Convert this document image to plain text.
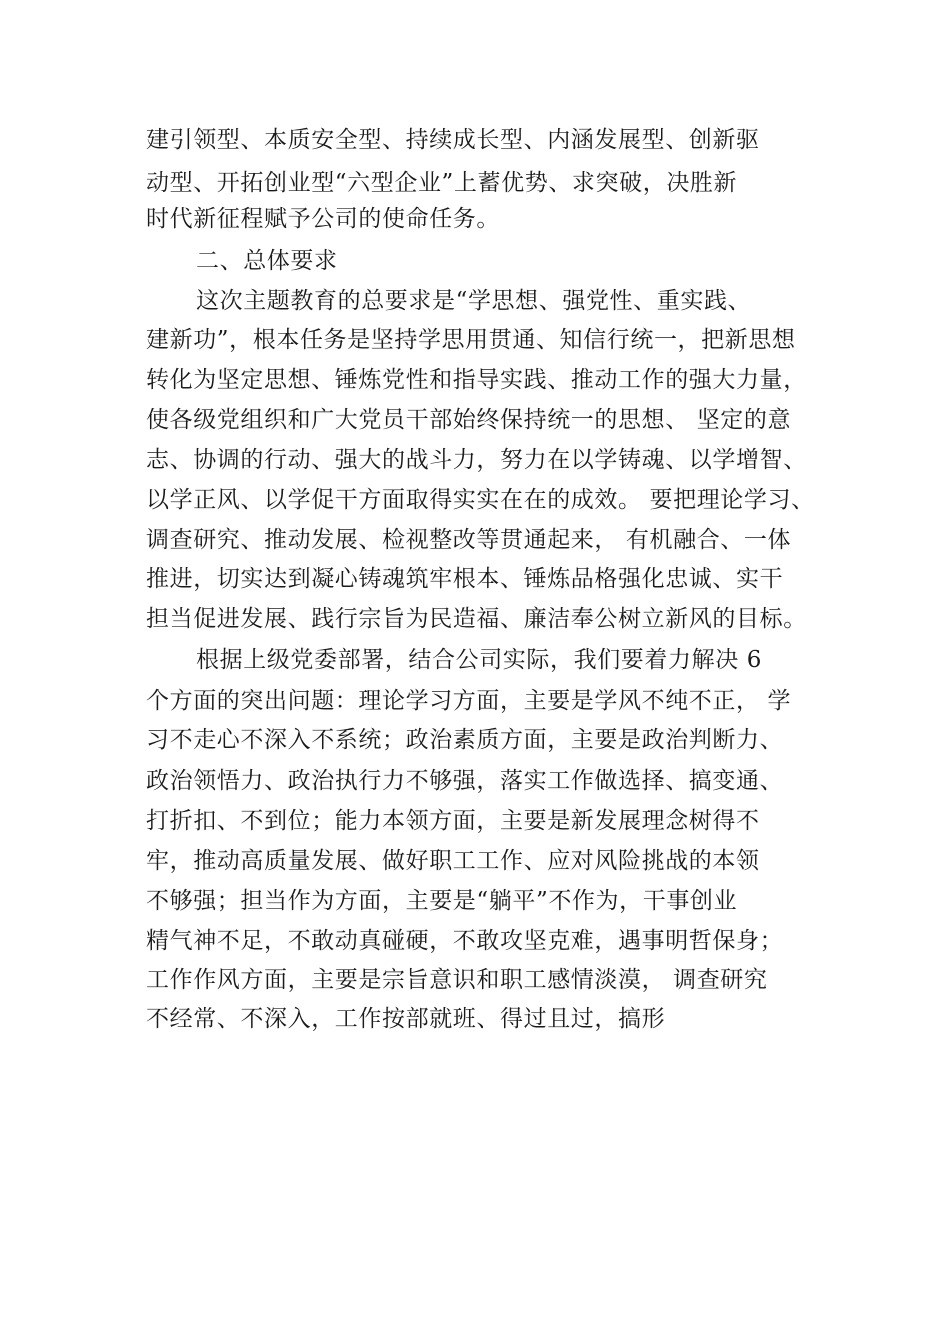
建引领型、本质安全型、持续成长型、内涵发展型、创新驱
动型、开拓创业型“六型企业”上蓄优势、求突破，决胜新
时代新征程赋予公司的使命任务。
二、总体要求
这次主题教育的总要求是“学思想、强党性、重实践、
建新功”，根本任务是坚持学思用贯通、知信行统一，把新思想
转化为坚定思想、锤炼党性和指导实践、推动工作的强大力量，
使各级党组织和广大党员干部始终保持统一的思想、 坚定的意
志、协调的行动、强大的战斗力，努力在以学铸魂、以学增智、
以学正风、以学促干方面取得实实在在的成效。 要把理论学习、
调查研究、推动发展、检视整改等贯通起来， 有机融合、一体
推进，切实达到凝心铸魂筑牢根本、锤炼品格强化忠诚、实干
担当促进发展、践行宗旨为民造福、廉洁奉公树立新风的目标。
根据上级党委部署，结合公司实际，我们要着力解决 6
个方面的突出问题：理论学习方面，主要是学风不纯不正， 学
习不走心不深入不系统；政治素质方面，主要是政治判断力、
政治领悟力、政治执行力不够强，落实工作做选择、搞变通、
打折扣、不到位；能力本领方面，主要是新发展理念树得不
牢，推动高质量发展、做好职工工作、应对风险挑战的本领
不够强；担当作为方面，主要是“躺平”不作为，干事创业
精气神不足，不敢动真碰硬，不敢攻坚克难，遇事明哲保身；
工作作风方面，主要是宗旨意识和职工感情淡漠， 调查研究
不经常、不深入，工作按部就班、得过且过，搞形
